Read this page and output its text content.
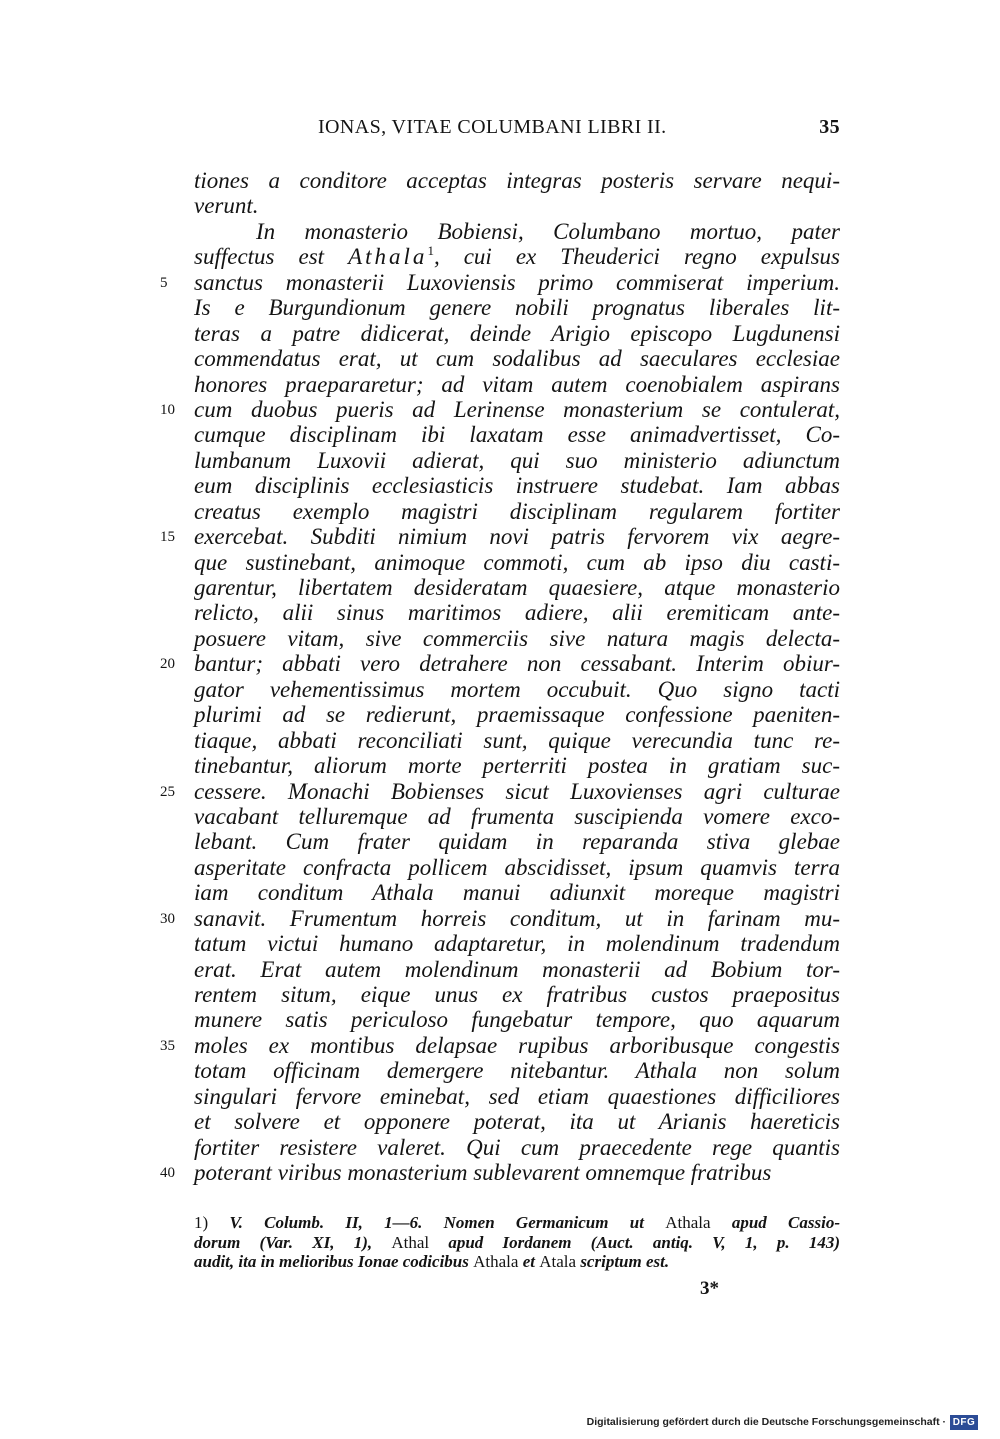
IONAS, VITAE COLUMBANI LIBRI II.	35
tiones a conditore acceptas integras posteris servare nequi-
verunt.
In monasterio Bobiensi, Columbano mortuo, pater
suffectus est Athala$^1$, cui ex Theuderici regno expulsus
5	sanctus monasterii Luxoviensis primo commiserat imperium.
Is e Burgundionum genere nobili prognatus liberales lit-
teras a patre didicerat, deinde Arigio episcopo Lugdunensi
commendatus erat, ut cum sodalibus ad saeculares ecclesiae
honores praepararetur; ad vitam autem coenobialem aspirans
10 cum duobus pueris ad Lerinense monasterium se contulerat,
cumque disciplinam ibi laxatam esse animadvertisset, Co-
lumbanum Luxovii adierat, qui suo ministerio adiunctum
eum disciplinis ecclesiasticis instruere studebat. Iam abbas
creatus exemplo magistri disciplinam regularem fortiter
15 exercebat. Subditi nimium novi patris fervorem vix aegre-
que sustinebant, animoque commoti, cum ab ipso diu casti-
garentur, libertatem desideratam quaesiere, atque monasterio
relicto, alii sinus maritimos adiere, alii eremiticam ante-
posuere vitam, sive commerciis sive natura magis delecta-
20 bantur; abbati vero detrahere non cessabant. Interim obiur-
gator vehementissimus mortem occubuit. Quo signo tacti
plurimi ad se redierunt, praemissaque confessione paeniten-
tiaque, abbati reconciliati sunt, quique verecundia tunc re-
tinebantur, aliorum morte perterriti postea in gratiam suc-
25 cessere. Monachi Bobienses sicut Luxovienses agri culturae
vacabant telluremque ad frumenta suscipienda vomere exco-
lebant. Cum frater quidam in reparanda stiva glebae
asperitate confracta pollicem abscidisset, ipsum quamvis terra
iam conditum Athala manui adiunxit moreque magistri
30 sanavit. Frumentum horreis conditum, ut in farinam mu-
tatum victui humano adaptaretur, in molendinum tradendum
erat. Erat autem molendinum monasterii ad Bobium tor-
rentem situm, eique unus ex fratribus custos praepositus
munere satis periculoso fungebatur tempore, quo aquarum
35 moles ex montibus delapsae rupibus arboribusque congestis
totam officinam demergere nitebantur. Athala non solum
singulari fervore eminebat, sed etiam quaestiones difficiliores
et solvere et opponere poterat, ita ut Arianis haereticis
fortiter resistere valeret. Qui cum praecedente rege quantis
40 poterant viribus monasterium sublevarent omnemque fratribus
1) V. Columb. II, 1—6. Nomen Germanicum ut Athala apud Cassio-
dorum (Var. XI, 1), Athal apud Iordanem (Auct. antiq. V, 1, p. 143)
audit, ita in melioribus Ionae codicibus Athala et Atala scriptum est.
3*
Digitalisierung gefördert durch die Deutsche Forschungsgemeinschaft · DFG
